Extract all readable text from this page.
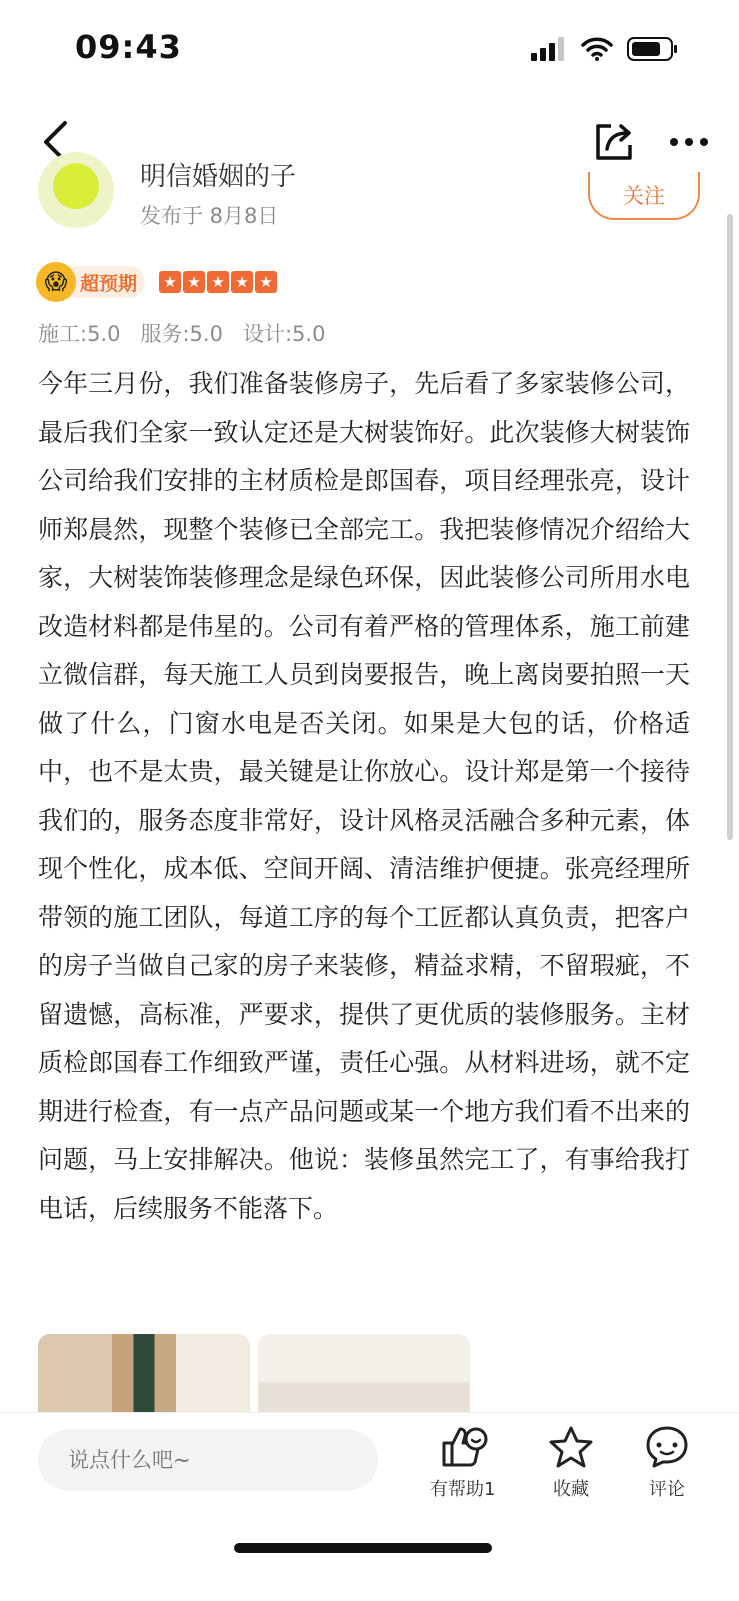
09:43
明信婚姻的子
发布于 8月8日
关注
😱 超预期 ★ ★ ★ ★ ★
施工:5.0 服务:5.0 设计:5.0
今年三月份，我们准备装修房子，先后看了多家装修公司，最后我们全家一致认定还是大树装饰好。此次装修大树装饰公司给我们安排的主材质检是郎国春，项目经理张亮，设计师郑晨然，现整个装修已全部完工。我把装修情况介绍给大家，大树装饰装修理念是绿色环保，因此装修公司所用水电改造材料都是伟星的。公司有着严格的管理体系，施工前建立微信群，每天施工人员到岗要报告，晚上离岗要拍照一天做了什么，门窗水电是否关闭。如果是大包的话，价格适中，也不是太贵，最关键是让你放心。设计郑是第一个接待我们的，服务态度非常好，设计风格灵活融合多种元素，体现个性化，成本低、空间开阔、清洁维护便捷。张亮经理所带领的施工团队，每道工序的每个工匠都认真负责，把客户的房子当做自己家的房子来装修，精益求精，不留瑕疵，不留遗憾，高标准，严要求，提供了更优质的装修服务。主材质检郎国春工作细致严谨，责任心强。从材料进场，就不定期进行检查，有一点产品问题或某一个地方我们看不出来的问题，马上安排解决。他说：装修虽然完工了，有事给我打电话，后续服务不能落下。
说点什么吧~
有帮助1	收藏	评论
